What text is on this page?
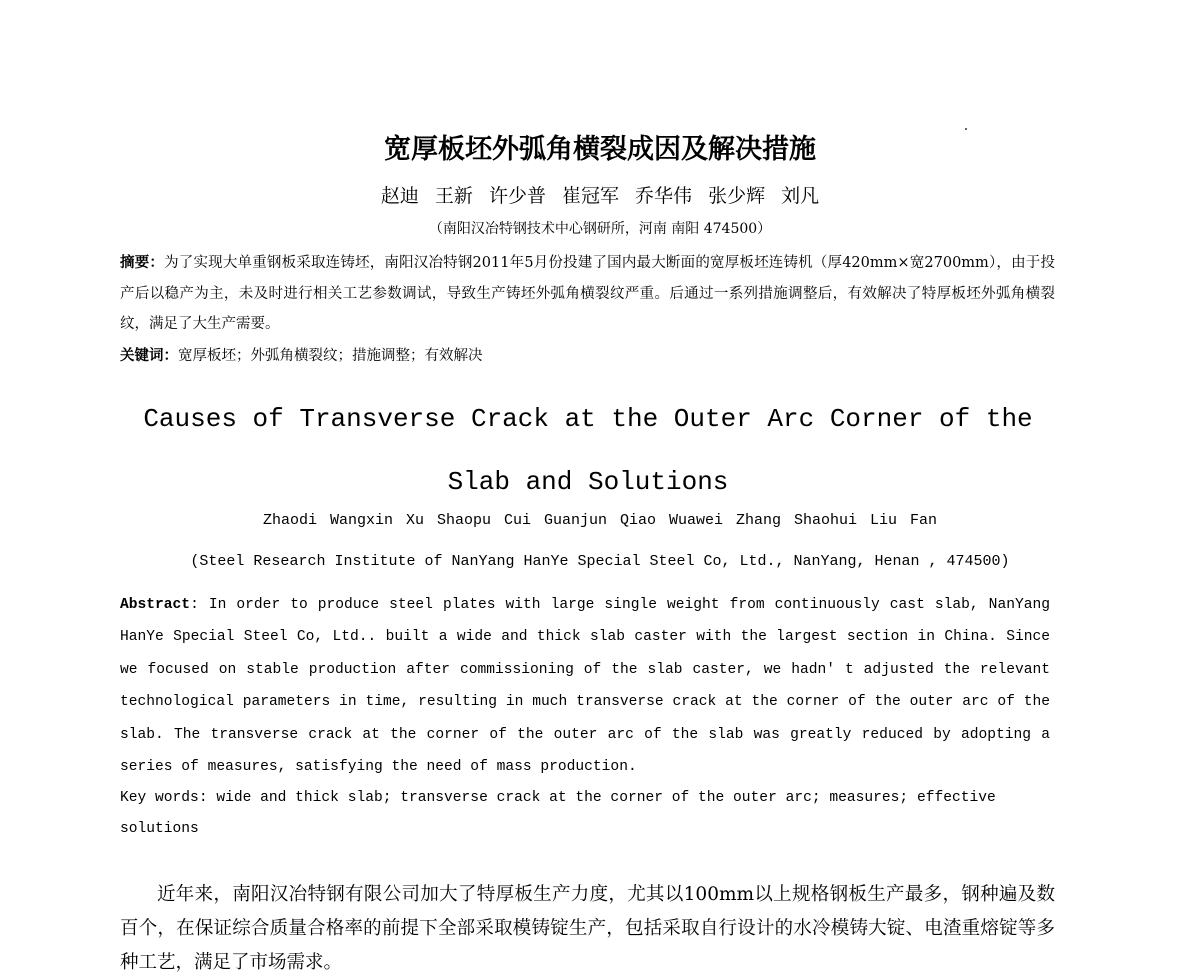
宽厚板坯外弧角横裂成因及解决措施
赵迪 王新 许少普 崔冠军 乔华伟 张少辉 刘凡
（南阳汉冶特钢技术中心钢研所，河南 南阳 474500）
摘要：为了实现大单重钢板采取连铸坯，南阳汉冶特钢2011年5月份投建了国内最大断面的宽厚板坯连铸机（厚420mm×宽2700mm），由于投产后以稳产为主，未及时进行相关工艺参数调试，导致生产铸坯外弧角横裂纹严重。后通过一系列措施调整后，有效解决了特厚板坯外弧角横裂纹，满足了大生产需要。
关键词：宽厚板坯；外弧角横裂纹；措施调整；有效解决
Causes of Transverse Crack at the Outer Arc Corner of the Slab and Solutions
Zhaodi Wangxin Xu Shaopu Cui Guanjun Qiao Wuawei Zhang Shaohui Liu Fan
(Steel Research Institute of NanYang HanYe Special Steel Co, Ltd., NanYang, Henan , 474500)
Abstract: In order to produce steel plates with large single weight from continuously cast slab, NanYang HanYe Special Steel Co, Ltd.. built a wide and thick slab caster with the largest section in China. Since we focused on stable production after commissioning of the slab caster, we hadn' t adjusted the relevant technological parameters in time, resulting in much transverse crack at the corner of the outer arc of the slab. The transverse crack at the corner of the outer arc of the slab was greatly reduced by adopting a series of measures, satisfying the need of mass production.
Key words: wide and thick slab; transverse crack at the corner of the outer arc; measures; effective solutions
近年来，南阳汉冶特钢有限公司加大了特厚板生产力度，尤其以100mm以上规格钢板生产最多，钢种遍及数百个，在保证综合质量合格率的前提下全部采取模铸锭生产，包括采取自行设计的水冷模铸大锭、电渣重熔锭等多种工艺，满足了市场需求。
